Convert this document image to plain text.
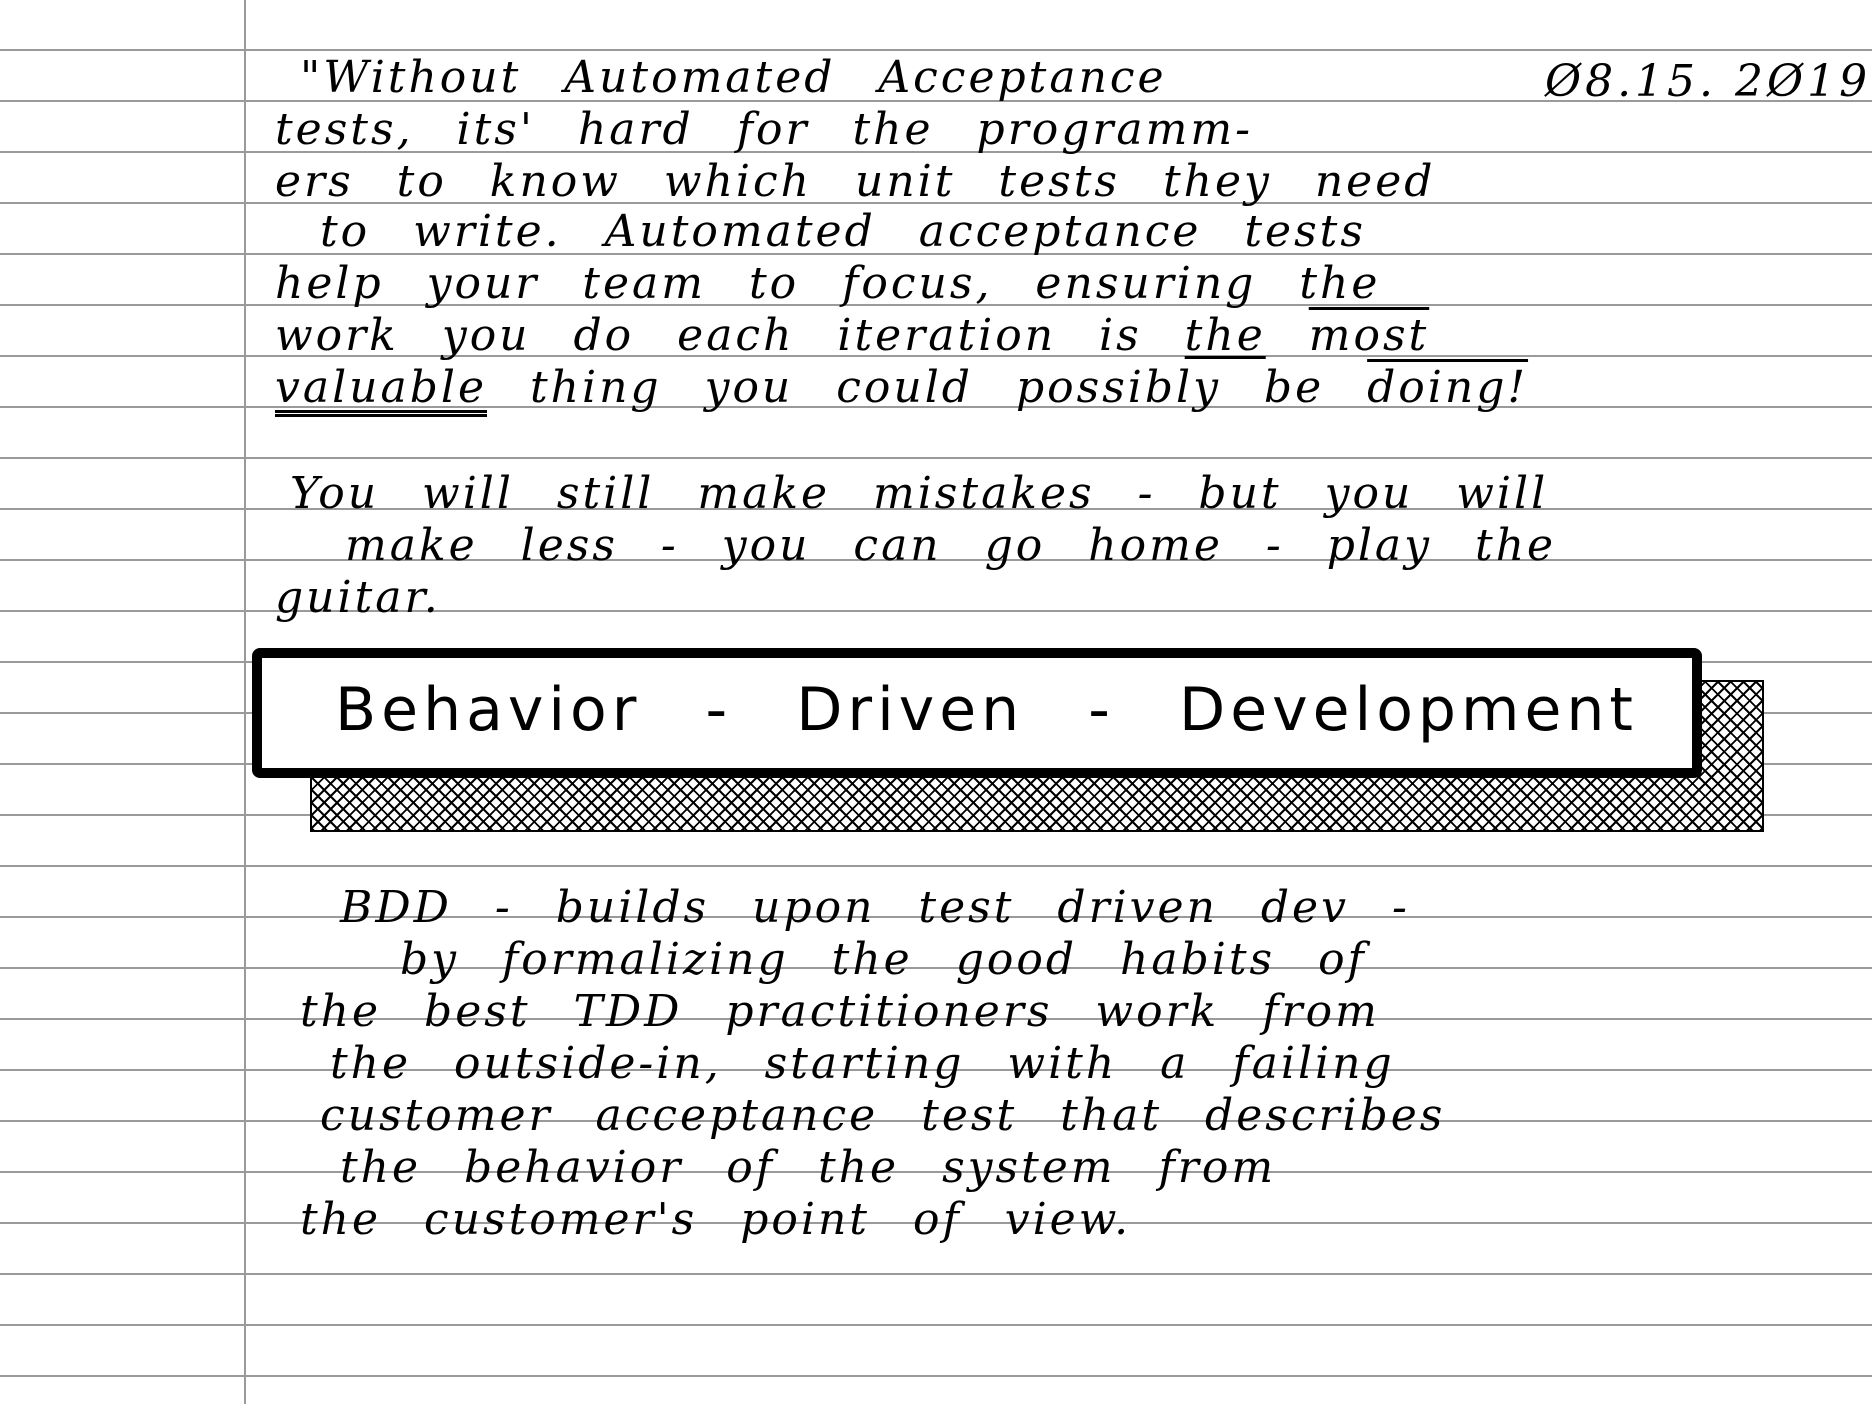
Ø8.15. 2Ø19
"Without Automated Acceptance
tests, its' hard for the programm-
ers to know which unit tests they need
to write. Automated acceptance tests
help your team to focus, ensuring the
work you do each iteration is the most
valuable thing you could possibly be doing!
You will still make mistakes - but you will
make less - you can go home - play the
guitar.
Behavior - Driven - Development
BDD - builds upon test driven dev -
by formalizing the good habits of
the best TDD practitioners work from
the outside-in, starting with a failing
customer acceptance test that describes
the behavior of the system from
the customer's point of view.
